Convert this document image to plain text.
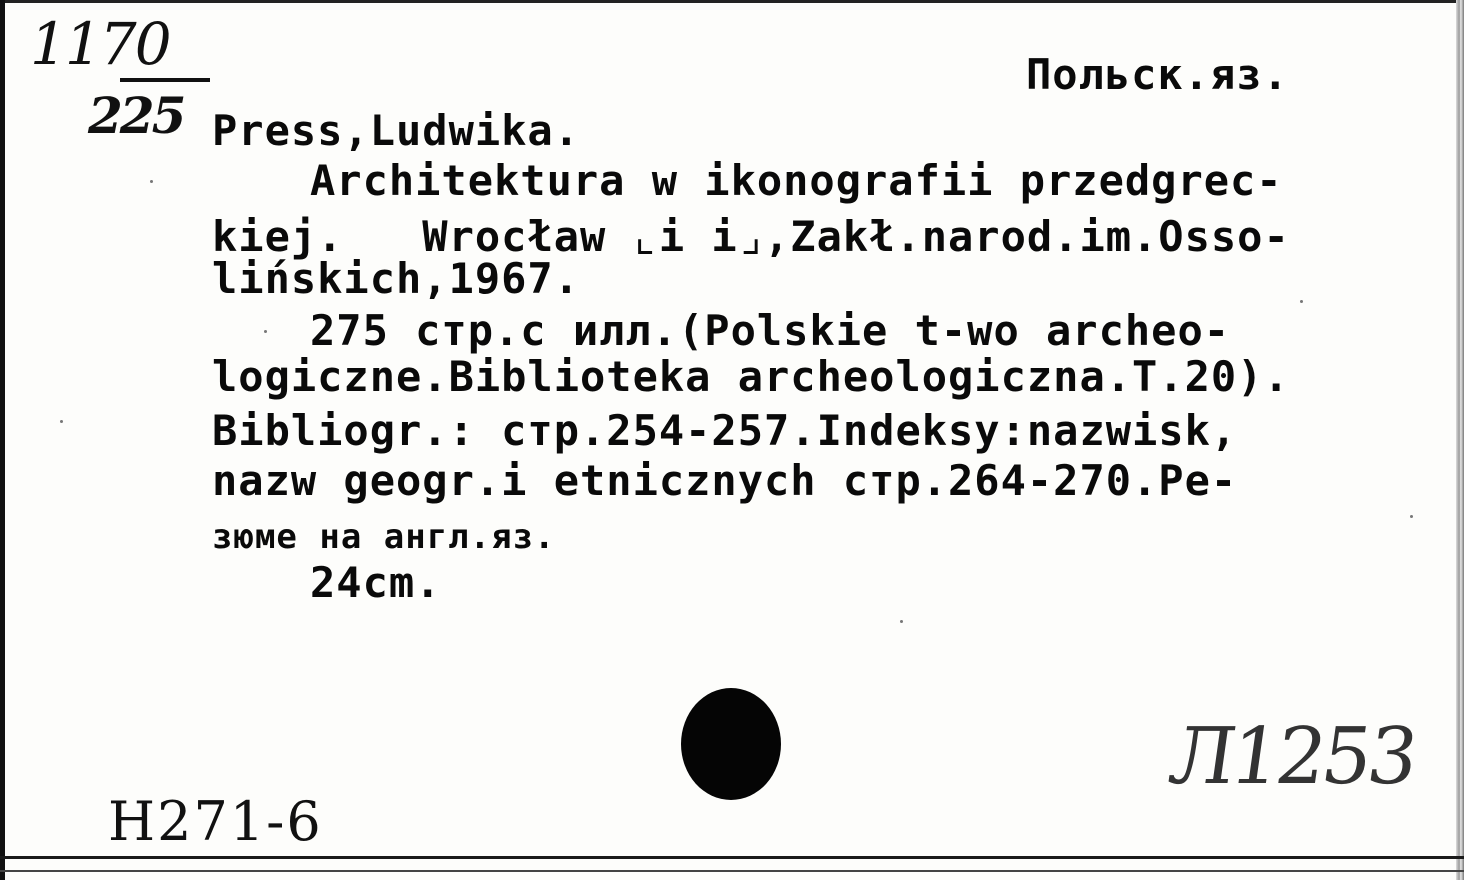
1170
225
Польск.яз.
Press,Ludwika.
Architektura w ikonografii przedgrec-
kiej.   Wrocław ⌞i i⌟,Zakł.narod.im.Osso-
lińskich,1967.
275 стр.с илл.(Polskie t-wo archeo-
logiczne.Biblioteka archeologiczna.T.20).
Bibliogr.: стр.254-257.Indeksy:nazwisk,
nazw geogr.i etnicznych стр.264-270.Ре-
зюме на англ.яз.
24cm.
H271-6
Л1253
